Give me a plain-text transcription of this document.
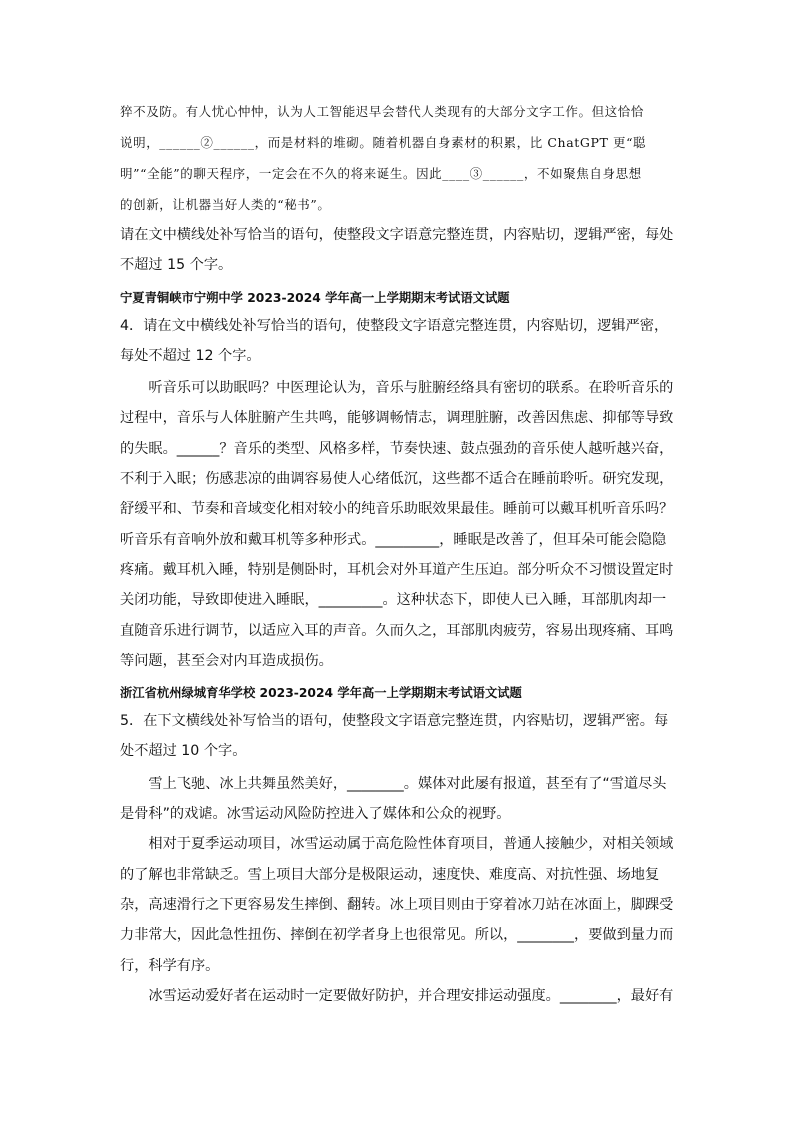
猝不及防。有人忧心忡忡，认为人工智能迟早会替代人类现有的大部分文字工作。但这恰恰
说明，______②______，而是材料的堆砌。随着机器自身素材的积累，比 ChatGPT 更“聪
明”“全能”的聊天程序，一定会在不久的将来诞生。因此____③______，不如聚焦自身思想
的创新，让机器当好人类的“秘书”。

请在文中横线处补写恰当的语句，使整段文字语意完整连贯，内容贴切，逻辑严密，每处不超过 15 个字。

宁夏青铜峡市宁朔中学 2023-2024 学年高一上学期期末考试语文试题

4．请在文中横线处补写恰当的语句，使整段文字语意完整连贯，内容贴切，逻辑严密，每处不超过 12 个字。

听音乐可以助眠吗？中医理论认为，音乐与脏腑经络具有密切的联系。在聆听音乐的过程中，音乐与人体脏腑产生共鸣，能够调畅情志，调理脏腑，改善因焦虑、抑郁等导致的失眠。______？音乐的类型、风格多样，节奏快速、鼓点强劲的音乐使人越听越兴奋，不利于入眠；伤感悲凉的曲调容易使人心绪低沉，这些都不适合在睡前聆听。研究发现，舒缓平和、节奏和音域变化相对较小的纯音乐助眠效果最佳。睡前可以戴耳机听音乐吗？听音乐有音响外放和戴耳机等多种形式。_________，睡眠是改善了，但耳朵可能会隐隐疼痛。戴耳机入睡，特别是侧卧时，耳机会对外耳道产生压迫。部分听众不习惯设置定时关闭功能，导致即使进入睡眠，_________。这种状态下，即使人已入睡，耳部肌肉却一直随音乐进行调节，以适应入耳的声音。久而久之，耳部肌肉疲劳，容易出现疼痛、耳鸣等问题，甚至会对内耳造成损伤。

浙江省杭州绿城育华学校 2023-2024 学年高一上学期期末考试语文试题

5．在下文横线处补写恰当的语句，使整段文字语意完整连贯，内容贴切，逻辑严密。每处不超过 10 个字。

雪上飞驰、冰上共舞虽然美好，________。媒体对此屡有报道，甚至有了“雪道尽头是骨科”的戏谑。冰雪运动风险防控进入了媒体和公众的视野。

相对于夏季运动项目，冰雪运动属于高危险性体育项目，普通人接触少，对相关领域的了解也非常缺乏。雪上项目大部分是极限运动，速度快、难度高、对抗性强、场地复杂，高速滑行之下更容易发生摔倒、翻转。冰上项目则由于穿着冰刀站在冰面上，脚踝受力非常大，因此急性扭伤、摔倒在初学者身上也很常见。所以，________，要做到量力而行，科学有序。

冰雪运动爱好者在运动时一定要做好防护，并合理安排运动强度。________，最好有
